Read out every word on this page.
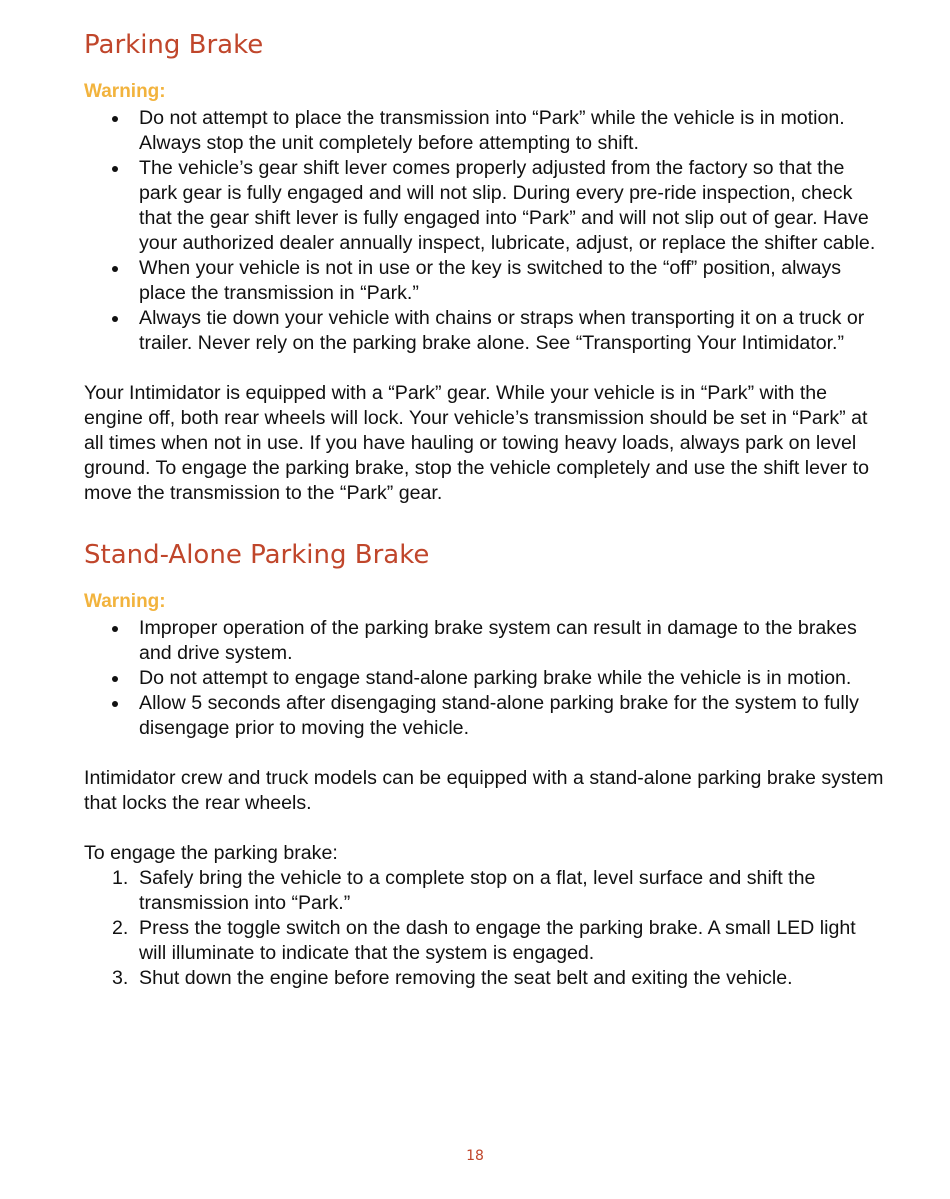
Parking Brake
Warning:
Do not attempt to place the transmission into “Park” while the vehicle is in motion. Always stop the unit completely before attempting to shift.
The vehicle’s gear shift lever comes properly adjusted from the factory so that the park gear is fully engaged and will not slip. During every pre-ride inspection, check that the gear shift lever is fully engaged into “Park” and will not slip out of gear. Have your authorized dealer annually inspect, lubricate, adjust, or replace the shifter cable.
When your vehicle is not in use or the key is switched to the “off” position, always place the transmission in “Park.”
Always tie down your vehicle with chains or straps when transporting it on a truck or trailer. Never rely on the parking brake alone. See “Transporting Your Intimidator.”

Your Intimidator is equipped with a “Park” gear. While your vehicle is in “Park” with the engine off, both rear wheels will lock. Your vehicle’s transmission should be set in “Park” at all times when not in use. If you have hauling or towing heavy loads, always park on level ground. To engage the parking brake, stop the vehicle completely and use the shift lever to move the transmission to the “Park” gear.

Stand-Alone Parking Brake
Warning:
Improper operation of the parking brake system can result in damage to the brakes and drive system.
Do not attempt to engage stand-alone parking brake while the vehicle is in motion.
Allow 5 seconds after disengaging stand-alone parking brake for the system to fully disengage prior to moving the vehicle.

Intimidator crew and truck models can be equipped with a stand-alone parking brake system that locks the rear wheels.

To engage the parking brake:

1. Safely bring the vehicle to a complete stop on a flat, level surface and shift the transmission into “Park.”
2. Press the toggle switch on the dash to engage the parking brake. A small LED light will illuminate to indicate that the system is engaged.
3. Shut down the engine before removing the seat belt and exiting the vehicle.
18
